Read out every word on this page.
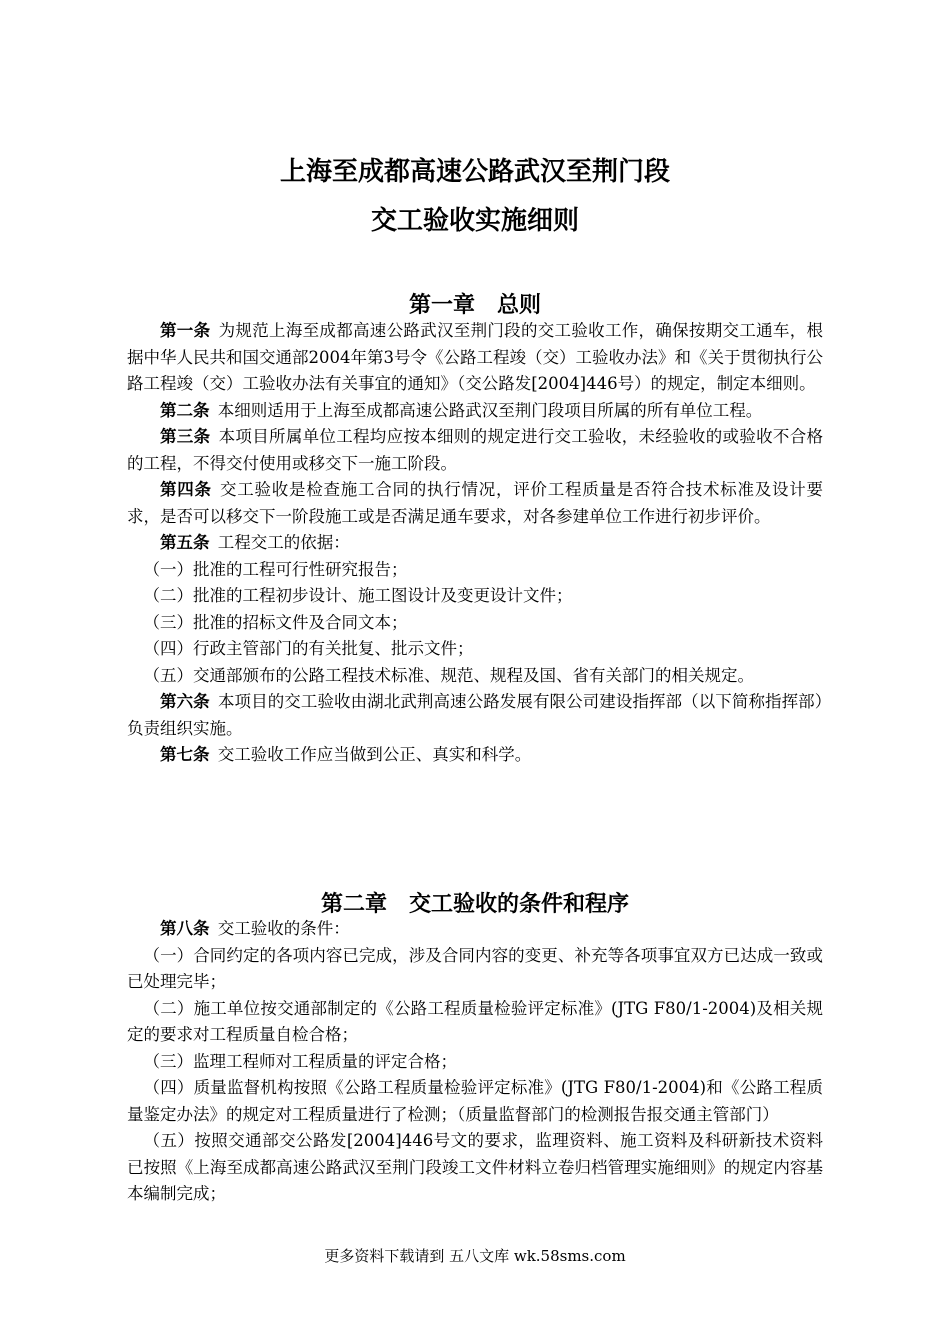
上海至成都高速公路武汉至荆门段
交工验收实施细则
第一章　总则

第一条 为规范上海至成都高速公路武汉至荆门段的交工验收工作，确保按期交工通车，根据中华人民共和国交通部2004年第3号令《公路工程竣（交）工验收办法》和《关于贯彻执行公路工程竣（交）工验收办法有关事宜的通知》（交公路发[2004]446号）的规定，制定本细则。

第二条 本细则适用于上海至成都高速公路武汉至荆门段项目所属的所有单位工程。

第三条 本项目所属单位工程均应按本细则的规定进行交工验收，未经验收的或验收不合格的工程，不得交付使用或移交下一施工阶段。

第四条 交工验收是检查施工合同的执行情况，评价工程质量是否符合技术标准及设计要求，是否可以移交下一阶段施工或是否满足通车要求，对各参建单位工作进行初步评价。

第五条 工程交工的依据：

（一）批准的工程可行性研究报告；

（二）批准的工程初步设计、施工图设计及变更设计文件；

（三）批准的招标文件及合同文本；

（四）行政主管部门的有关批复、批示文件；

（五）交通部颁布的公路工程技术标准、规范、规程及国、省有关部门的相关规定。

第六条 本项目的交工验收由湖北武荆高速公路发展有限公司建设指挥部（以下简称指挥部）负责组织实施。

第七条 交工验收工作应当做到公正、真实和科学。

第二章　交工验收的条件和程序

第八条 交工验收的条件：

（一）合同约定的各项内容已完成，涉及合同内容的变更、补充等各项事宜双方已达成一致或已处理完毕；

（二）施工单位按交通部制定的《公路工程质量检验评定标准》(JTG F80/1-2004)及相关规定的要求对工程质量自检合格；

（三）监理工程师对工程质量的评定合格；

（四）质量监督机构按照《公路工程质量检验评定标准》(JTG F80/1-2004)和《公路工程质量鉴定办法》的规定对工程质量进行了检测；（质量监督部门的检测报告报交通主管部门）

（五）按照交通部交公路发[2004]446号文的要求，监理资料、施工资料及科研新技术资料已按照《上海至成都高速公路武汉至荆门段竣工文件材料立卷归档管理实施细则》的规定内容基本编制完成；

更多资料下载请到 五八文库 wk.58sms.com
